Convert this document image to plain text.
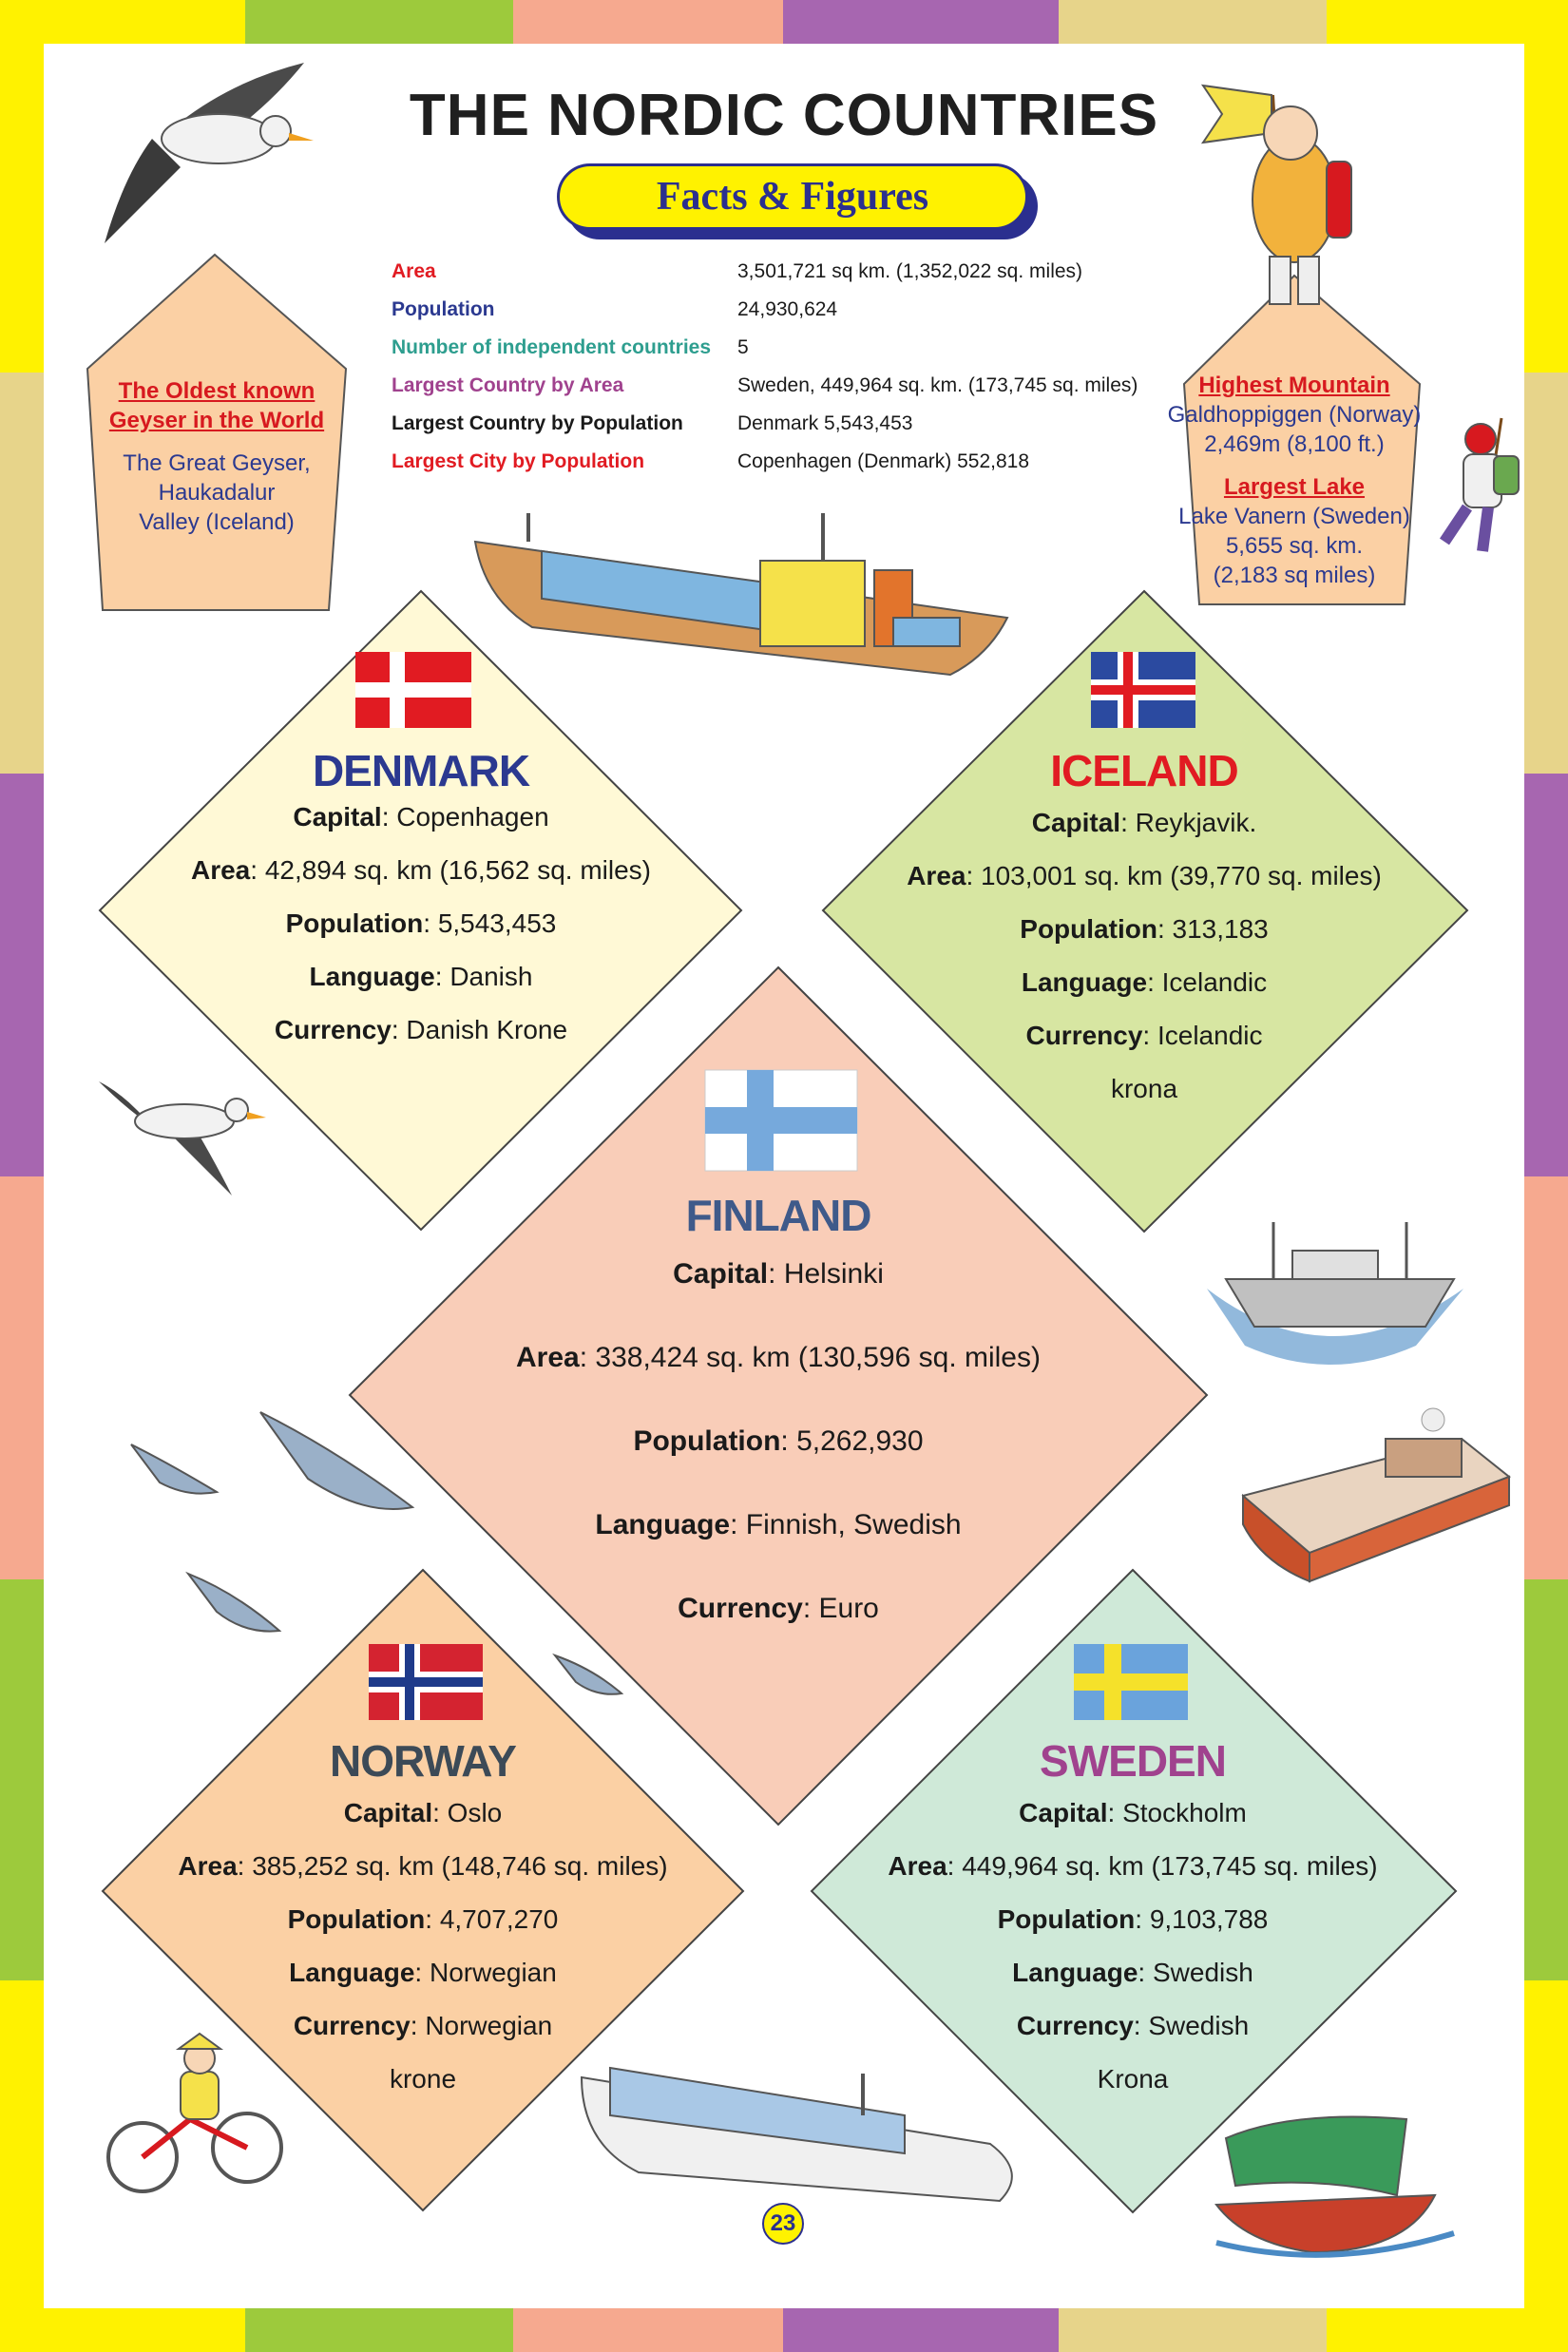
THE NORDIC COUNTRIES
Facts & Figures
Area	3,501,721 sq km. (1,352,022 sq. miles)
Population	24,930,624
Number of independent countries 5
Largest Country by Area	Sweden, 449,964 sq. km. (173,745 sq. miles)
Largest Country by Population	Denmark 5,543,453
Largest City by Population	Copenhagen (Denmark) 552,818
The Oldest known
Geyser in the World
The Great Geyser,
Haukadalur
Valley (Iceland)
Highest Mountain
Galdhoppiggen (Norway)
2,469m (8,100 ft.)
Largest Lake
Lake Vanern (Sweden)
5,655 sq. km.
(2,183 sq miles)
DENMARK
Capital: Copenhagen
Area: 42,894 sq. km (16,562 sq. miles)
Population: 5,543,453
Language: Danish
Currency: Danish Krone
ICELAND
Capital: Reykjavik.
Area: 103,001 sq. km (39,770 sq. miles)
Population: 313,183
Language: Icelandic
Currency: Icelandic
krona
FINLAND
Capital: Helsinki
Area: 338,424 sq. km (130,596 sq. miles)
Population: 5,262,930
Language: Finnish, Swedish
Currency: Euro
NORWAY
Capital: Oslo
Area: 385,252 sq. km (148,746 sq. miles)
Population: 4,707,270
Language: Norwegian
Currency: Norwegian
krone
SWEDEN
Capital: Stockholm
Area: 449,964 sq. km (173,745 sq. miles)
Population: 9,103,788
Language: Swedish
Currency: Swedish
Krona
23
